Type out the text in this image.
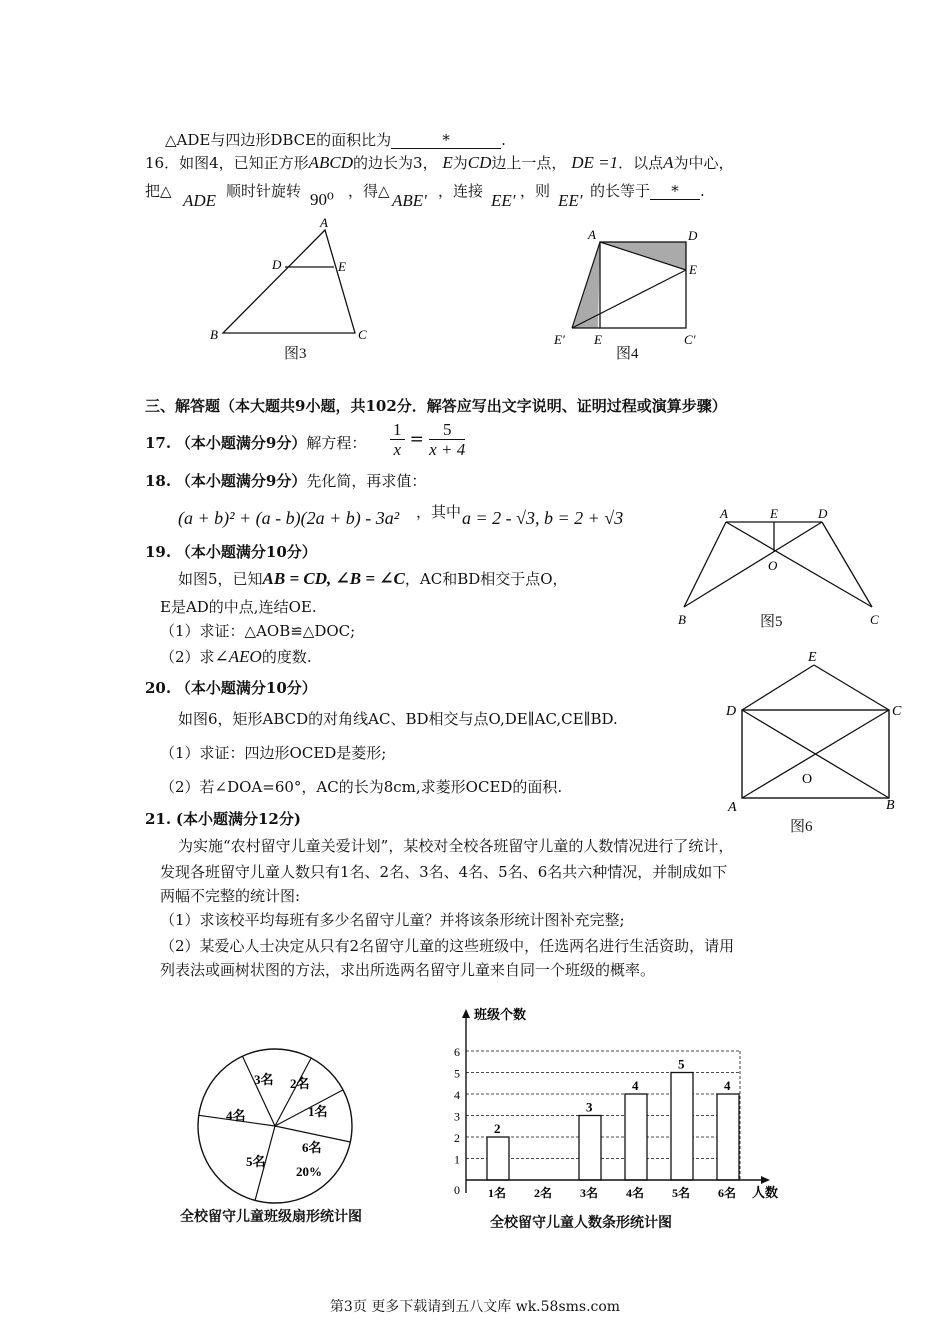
△ADE与四边形DBCE的面积比为	*	.
16．如图4，已知正方形ABCD的边长为3， E为CD边上一点， DE =1．以点A为中心，
把△ ADE 顺时针旋转 90⁰ ，得△ ABE′ ，连接 EE′ ，则 EE′ 的长等于 * .
A
D	E
B	C
图3
A	D
E
E′ E	C′
图4
三、解答题（本大题共9小题，共102分．解答应写出文字说明、证明过程或演算步骤）
17. （本小题满分9分）解方程： $\frac{1}{x} = \frac{5}{x + 4}$
18. （本小题满分9分）先化简，再求值：
(a + b)² + (a - b)(2a + b) - 3a² ，其中 a = 2 - √3, b = 2 + √3
19. （本小题满分10分）
如图5，已知AB = CD, ∠B = ∠C，AC和BD相交于点O，
E是AD的中点,连结OE.
（1）求证：△AOB≌△DOC;
（2）求∠AEO的度数.
A	E	D
O
B	C
图5
20. （本小题满分10分）
如图6，矩形ABCD的对角线AC、BD相交与点O,DE∥AC,CE∥BD.
（1）求证：四边形OCED是菱形;
（2）若∠DOA=60°，AC的长为8cm,求菱形OCED的面积.
E
D	C
O
A	B
图6
21. (本小题满分12分)
为实施“农村留守儿童关爱计划”，某校对全校各班留守儿童的人数情况进行了统计，
发现各班留守儿童人数只有1名、2名、3名、4名、5名、6名共六种情况，并制成如下
两幅不完整的统计图:
（1）求该校平均每班有多少名留守儿童？并将该条形统计图补充完整;
（2）某爱心人士决定从只有2名留守儿童的这些班级中，任选两名进行生活资助，请用
列表法或画树状图的方法，求出所选两名留守儿童来自同一个班级的概率。
3名 2名
1名
6名
20%
5名
4名
全校留守儿童班级扇形统计图
0
1
2
3
4
5
6
2
1名 2名
3
3名
4
4名
5
5名
4
6名
班级个数
人数
全校留守儿童人数条形统计图
第3页 更多下载请到五八文库 wk.58sms.com
